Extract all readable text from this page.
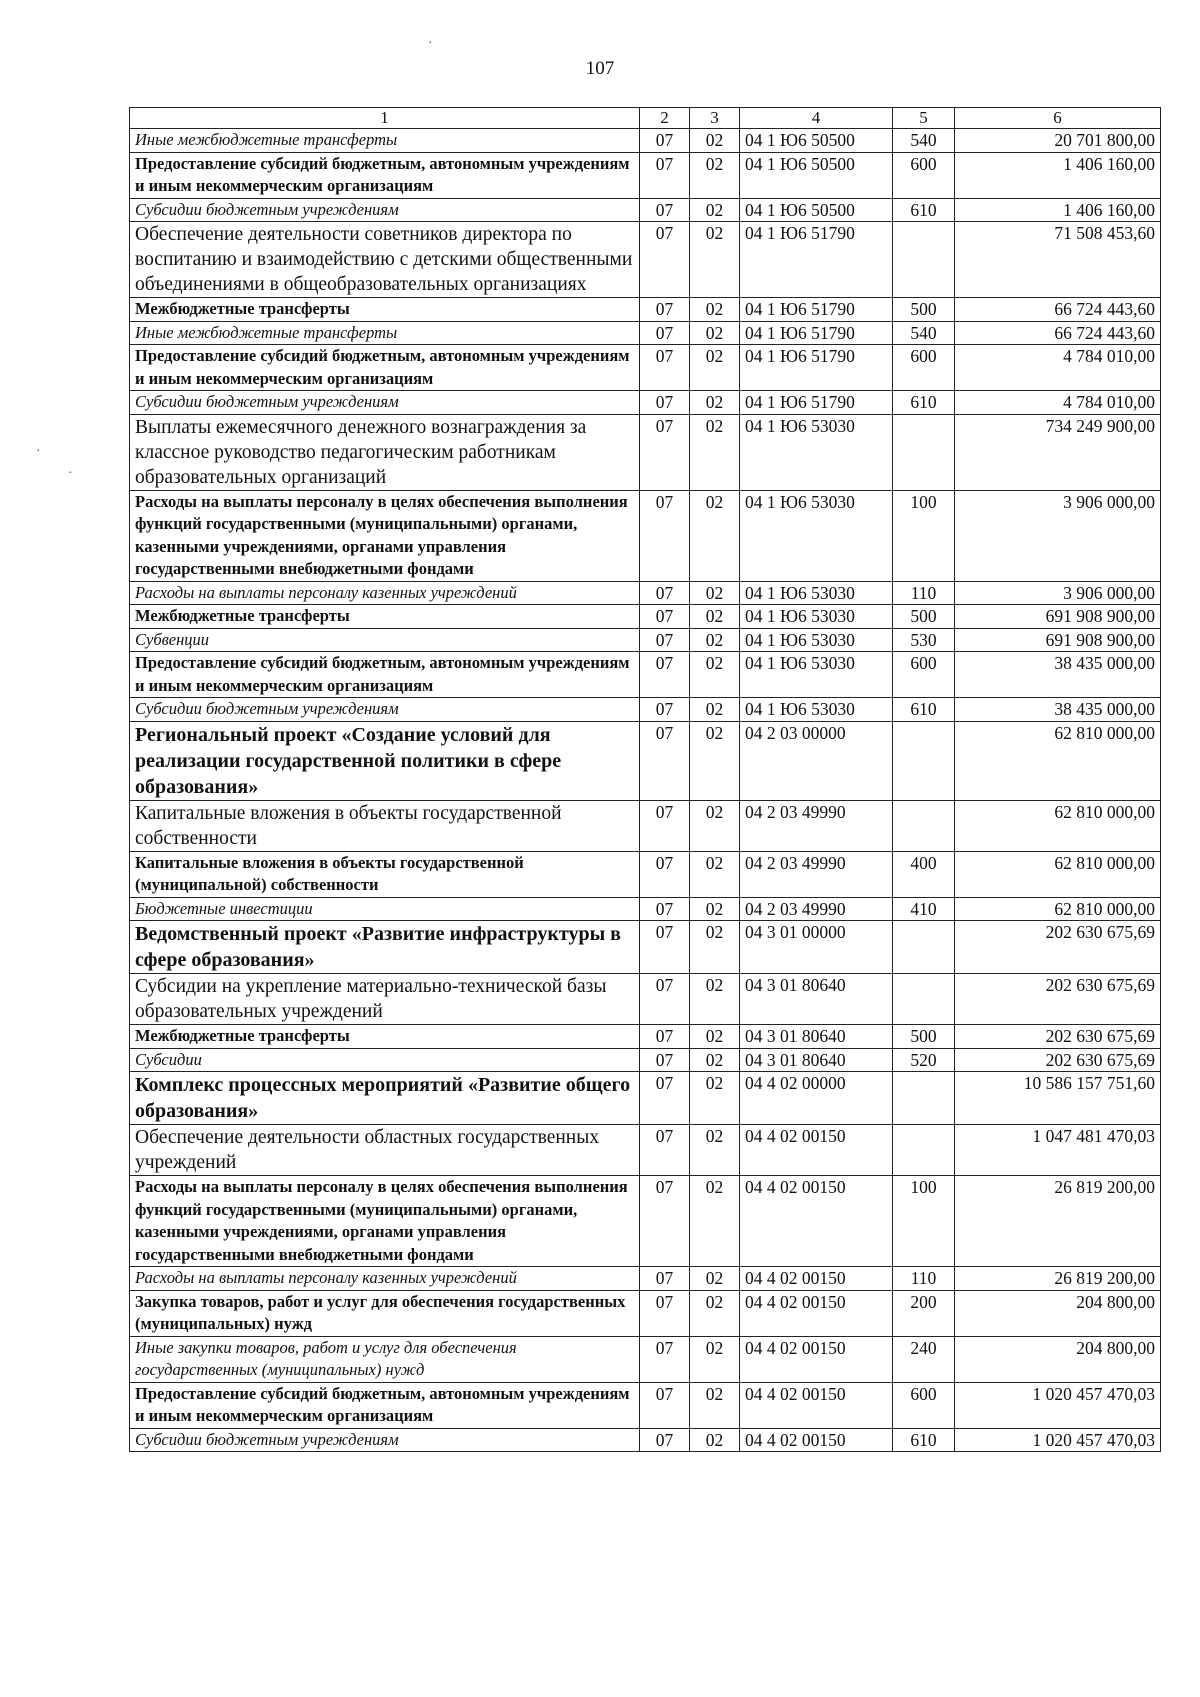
107
·
·
·
1	2	3	4	5	6
Иные межбюджетные трансферты	07	02	04 1 Ю6 50500	540	20 701 800,00
Предоставление субсидий бюджетным, автономным учреждениям и иным некоммерческим организациям	07	02	04 1 Ю6 50500	600	1 406 160,00
Субсидии бюджетным учреждениям	07	02	04 1 Ю6 50500	610	1 406 160,00
Обеспечение деятельности советников директора по воспитанию и взаимодействию с детскими общественными объединениями в общеобразовательных организациях	07	02	04 1 Ю6 51790		71 508 453,60
Межбюджетные трансферты	07	02	04 1 Ю6 51790	500	66 724 443,60
Иные межбюджетные трансферты	07	02	04 1 Ю6 51790	540	66 724 443,60
Предоставление субсидий бюджетным, автономным учреждениям и иным некоммерческим организациям	07	02	04 1 Ю6 51790	600	4 784 010,00
Субсидии бюджетным учреждениям	07	02	04 1 Ю6 51790	610	4 784 010,00
Выплаты ежемесячного денежного вознаграждения за классное руководство педагогическим работникам образовательных организаций	07	02	04 1 Ю6 53030		734 249 900,00
Расходы на выплаты персоналу в целях обеспечения выполнения функций государственными (муниципальными) органами, казенными учреждениями, органами управления государственными внебюджетными фондами	07	02	04 1 Ю6 53030	100	3 906 000,00
Расходы на выплаты персоналу казенных учреждений	07	02	04 1 Ю6 53030	110	3 906 000,00
Межбюджетные трансферты	07	02	04 1 Ю6 53030	500	691 908 900,00
Субвенции	07	02	04 1 Ю6 53030	530	691 908 900,00
Предоставление субсидий бюджетным, автономным учреждениям и иным некоммерческим организациям	07	02	04 1 Ю6 53030	600	38 435 000,00
Субсидии бюджетным учреждениям	07	02	04 1 Ю6 53030	610	38 435 000,00
Региональный проект «Создание условий для реализации государственной политики в сфере образования»	07	02	04 2 03 00000		62 810 000,00
Капитальные вложения в объекты государственной собственности	07	02	04 2 03 49990		62 810 000,00
Капитальные вложения в объекты государственной (муниципальной) собственности	07	02	04 2 03 49990	400	62 810 000,00
Бюджетные инвестиции	07	02	04 2 03 49990	410	62 810 000,00
Ведомственный проект «Развитие инфраструктуры в сфере образования»	07	02	04 3 01 00000		202 630 675,69
Субсидии на укрепление материально-технической базы образовательных учреждений	07	02	04 3 01 80640		202 630 675,69
Межбюджетные трансферты	07	02	04 3 01 80640	500	202 630 675,69
Субсидии	07	02	04 3 01 80640	520	202 630 675,69
Комплекс процессных мероприятий «Развитие общего образования»	07	02	04 4 02 00000		10 586 157 751,60
Обеспечение деятельности областных государственных учреждений	07	02	04 4 02 00150		1 047 481 470,03
Расходы на выплаты персоналу в целях обеспечения выполнения функций государственными (муниципальными) органами, казенными учреждениями, органами управления государственными внебюджетными фондами	07	02	04 4 02 00150	100	26 819 200,00
Расходы на выплаты персоналу казенных учреждений	07	02	04 4 02 00150	110	26 819 200,00
Закупка товаров, работ и услуг для обеспечения государственных (муниципальных) нужд	07	02	04 4 02 00150	200	204 800,00
Иные закупки товаров, работ и услуг для обеспечения государственных (муниципальных) нужд	07	02	04 4 02 00150	240	204 800,00
Предоставление субсидий бюджетным, автономным учреждениям и иным некоммерческим организациям	07	02	04 4 02 00150	600	1 020 457 470,03
Субсидии бюджетным учреждениям	07	02	04 4 02 00150	610	1 020 457 470,03
